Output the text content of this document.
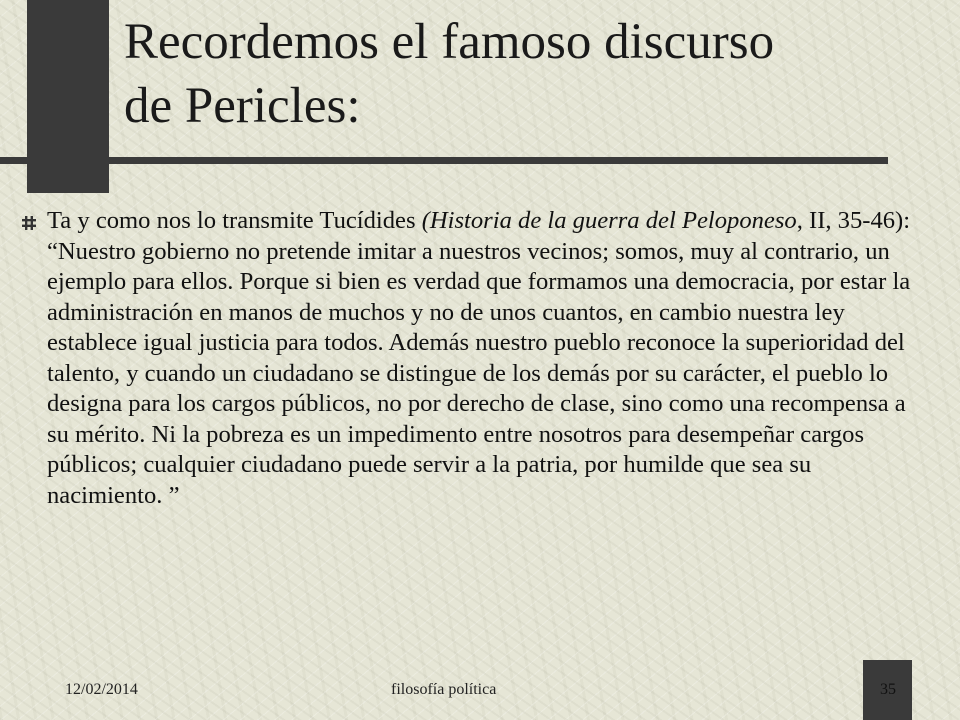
Recordemos el famoso discurso
de Pericles:

Ta y como nos lo transmite Tucídides (Historia de la guerra del Peloponeso, II, 35-46): “Nuestro gobierno no pretende imitar a nuestros vecinos; somos, muy al contrario, un ejemplo para ellos. Porque si bien es verdad que formamos una democracia, por estar la administración en manos de muchos y no de unos cuantos, en cambio nuestra ley establece igual justicia para todos. Además nuestro pueblo reconoce la superioridad del talento, y cuando un ciudadano se distingue de los demás por su carácter, el pueblo lo designa para los cargos públicos, no por derecho de clase, sino como una recompensa a su mérito. Ni la pobreza es un impedimento entre nosotros para desempeñar cargos públicos; cualquier ciudadano puede servir a la patria, por humilde que sea su nacimiento. ”

12/02/2014	filosofía política	35
